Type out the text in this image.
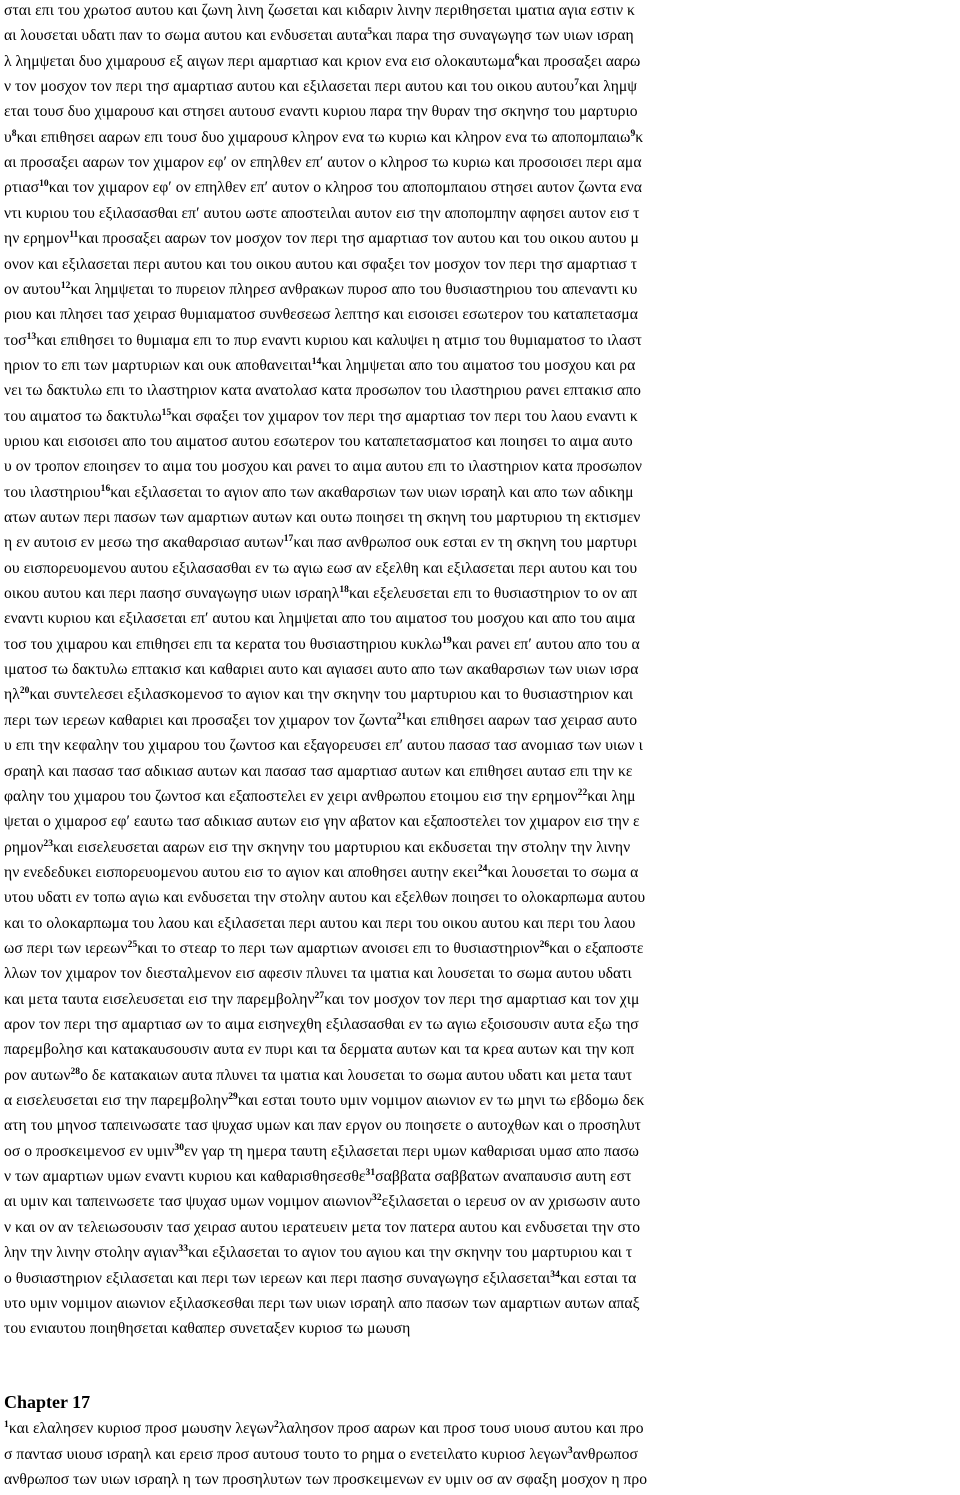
σται επι του χρωτοσ αυτου και ζωνη λινη ζωσεται και κιδαριν λινην περιθησεται ιματια αγια εστιν κ
αι λουσεται υδατι παν το σωμα αυτου και ενδυσεται αυτα$^5$και παρα τησ συναγωγησ των υιων ισραη
λ λημψεται δυο χιμαρουσ εξ αιγων περι αμαρτιασ και κριον ενα εισ ολοκαυτωμα$^6$και προσαξει ααρω
ν τον μοσχον τον περι τησ αμαρτιασ αυτου και εξιλασεται περι αυτου και του οικου αυτου$^7$και λημψ
εται τουσ δυο χιμαρουσ και στησει αυτουσ εναντι κυριου παρα την θυραν τησ σκηνησ του μαρτυριο
$\upsilon^8\kappa\alpha\iota$ επιθησει ααρων επι τουσ δυο χιμαρουσ κληρον ενα τω κυριω και κληρον ενα τω αποπομπαιω$^9$κ
αι προσαξει ααρων τον χιμαρον εφ′ ον επηλθεν επ′ αυτον ο κληροσ τω κυριω και προσοισει περι αμα
ρτιασ$^{10}$και τον χιμαρον εφ′ ον επηλθεν επ′ αυτον ο κληροσ του αποπομπαιου στησει αυτον ζωντα ενα
ντι κυριου του εξιλασασθαι επ′ αυτου ωστε αποστειλαι αυτον εισ την αποπομπην αφησει αυτον εισ τ
ην ερημον$^{11}$και προσαξει ααρων τον μοσχον τον περι τησ αμαρτιασ τον αυτου και του οικου αυτου μ
ονον και εξιλασεται περι αυτου και του οικου αυτου και σφαξει τον μοσχον τον περι τησ αμαρτιασ τ
ον αυτου$^{12}$και λημψεται το πυρειον πληρεσ ανθρακων πυροσ απο του θυσιαστηριου του απεναντι κυ
ριου και πλησει τασ χειρασ θυμιαματοσ συνθεσεωσ λεπτησ και εισοισει εσωτερον του καταπετασμα
τοσ$^{13}$και επιθησει το θυμιαμα επι το πυρ εναντι κυριου και καλυψει η ατμισ του θυμιαματοσ το ιλαστ
ηριον το επι των μαρτυριων και ουκ αποθανειται$^{14}$και λημψεται απο του αιματοσ του μοσχου και ρα
νει τω δακτυλω επι το ιλαστηριον κατα ανατολασ κατα προσωπον του ιλαστηριου ρανει επτακισ απο
του αιματοσ τω δακτυλω$^{15}$και σφαξει τον χιμαρον τον περι τησ αμαρτιασ τον περι του λαου εναντι κ
υριου και εισοισει απο του αιματοσ αυτου εσωτερον του καταπετασματοσ και ποιησει το αιμα αυτο
υ ον τροπον εποιησεν το αιμα του μοσχου και ρανει το αιμα αυτου επι το ιλαστηριον κατα προσωπον
του ιλαστηριου$^{16}$και εξιλασεται το αγιον απο των ακαθαρσιων των υιων ισραηλ και απο των αδικημ
ατων αυτων περι πασων των αμαρτιων αυτων και ουτω ποιησει τη σκηνη του μαρτυριου τη εκτισμεν
η εν αυτοισ εν μεσω τησ ακαθαρσιασ αυτων$^{17}$και πασ ανθρωποσ ουκ εσται εν τη σκηνη του μαρτυρι
ου εισπορευομενου αυτου εξιλασασθαι εν τω αγιω εωσ αν εξελθη και εξιλασεται περι αυτου και του
οικου αυτου και περι πασησ συναγωγησ υιων ισραηλ$^{18}$και εξελευσεται επι το θυσιαστηριον το ον απ
εναντι κυριου και εξιλασεται επ′ αυτου και λημψεται απο του αιματοσ του μοσχου και απο του αιμα
τοσ του χιμαρου και επιθησει επι τα κερατα του θυσιαστηριου κυκλω$^{19}$και ρανει επ′ αυτου απο του α
ιματοσ τω δακτυλω επτακισ και καθαριει αυτο και αγιασει αυτο απο των ακαθαρσιων των υιων ισρα
$\eta\lambda^{20}\kappa\alpha\iota$ συντελεσει εξιλασκομενοσ το αγιον και την σκηνην του μαρτυριου και το θυσιαστηριον και
περι των ιερεων καθαριει και προσαξει τον χιμαρον τον ζωντα$^{21}$και επιθησει ααρων τασ χειρασ αυτο
υ επι την κεφαλην του χιμαρου του ζωντοσ και εξαγορευσει επ′ αυτου πασασ τασ ανομιασ των υιων ι
σραηλ και πασασ τασ αδικιασ αυτων και πασασ τασ αμαρτιασ αυτων και επιθησει αυτασ επι την κε
φαλην του χιμαρου του ζωντοσ και εξαποστελει εν χειρι ανθρωπου ετοιμου εισ την ερημον$^{22}$και λημ
ψεται ο χιμαροσ εφ′ εαυτω τασ αδικιασ αυτων εισ γην αβατον και εξαποστελει τον χιμαρον εισ την ε
ρημον$^{23}$και εισελευσεται ααρων εισ την σκηνην του μαρτυριου και εκδυσεται την στολην την λινην
ην ενεδεδυκει εισπορευομενου αυτου εισ το αγιον και αποθησει αυτην εκει$^{24}$και λουσεται το σωμα α
υτου υδατι εν τοπω αγιω και ενδυσεται την στολην αυτου και εξελθων ποιησει το ολοκαρπωμα αυτου
και το ολοκαρπωμα του λαου και εξιλασεται περι αυτου και περι του οικου αυτου και περι του λαου
ωσ περι των ιερεων$^{25}$και το στεαρ το περι των αμαρτιων ανοισει επι το θυσιαστηριον$^{26}$και ο εξαποστε
λλων τον χιμαρον τον διεσταλμενον εισ αφεσιν πλυνει τα ιματια και λουσεται το σωμα αυτου υδατι
και μετα ταυτα εισελευσεται εισ την παρεμβολην$^{27}$και τον μοσχον τον περι τησ αμαρτιασ και τον χιμ
αρον τον περι τησ αμαρτιασ ων το αιμα εισηνεχθη εξιλασασθαι εν τω αγιω εξοισουσιν αυτα εξω τησ
παρεμβολησ και κατακαυσουσιν αυτα εν πυρι και τα δερματα αυτων και τα κρεα αυτων και την κοπ
ρον αυτων$^{28}$ο δε κατακαιων αυτα πλυνει τα ιματια και λουσεται το σωμα αυτου υδατι και μετα ταυτ
α εισελευσεται εισ την παρεμβολην$^{29}$και εσται τουτο υμιν νομιμον αιωνιον εν τω μηνι τω εβδομω δεκ
ατη του μηνοσ ταπεινωσατε τασ ψυχασ υμων και παν εργον ου ποιησετε ο αυτοχθων και ο προσηλυτ
οσ ο προσκειμενοσ εν υμιν$^{30}$εν γαρ τη ημερα ταυτη εξιλασεται περι υμων καθαρισαι υμασ απο πασω
ν των αμαρτιων υμων εναντι κυριου και καθαρισθησεσθε$^{31}$σαββατα σαββατων αναπαυσισ αυτη εστ
αι υμιν και ταπεινωσετε τασ ψυχασ υμων νομιμον αιωνιον$^{32}$εξιλασεται ο ιερευσ ον αν χρισωσιν αυτο
ν και ον αν τελειωσουσιν τασ χειρασ αυτου ιερατευειν μετα τον πατερα αυτου και ενδυσεται την στο
λην την λινην στολην αγιαν$^{33}$και εξιλασεται το αγιον του αγιου και την σκηνην του μαρτυριου και τ
ο θυσιαστηριον εξιλασεται και περι των ιερεων και περι πασησ συναγωγησ εξιλασεται$^{34}$και εσται τα
υτο υμιν νομιμον αιωνιον εξιλασκεσθαι περι των υιων ισραηλ απο πασων των αμαρτιων αυτων απαξ
του ενιαυτου ποιηθησεται καθαπερ συνεταξεν κυριοσ τω μωυση
Chapter 17
$^1$και ελαλησεν κυριοσ προσ μωυσην λεγων$^2$λαλησον προσ ααρων και προσ τουσ υιουσ αυτου και προ
σ παντασ υιουσ ισραηλ και ερεισ προσ αυτουσ τουτο το ρημα ο ενετειλατο κυριοσ λεγων$^3$ανθρωποσ
ανθρωποσ των υιων ισραηλ η των προσηλυτων των προσκειμενων εν υμιν οσ αν σφαξη μοσχον η προ
